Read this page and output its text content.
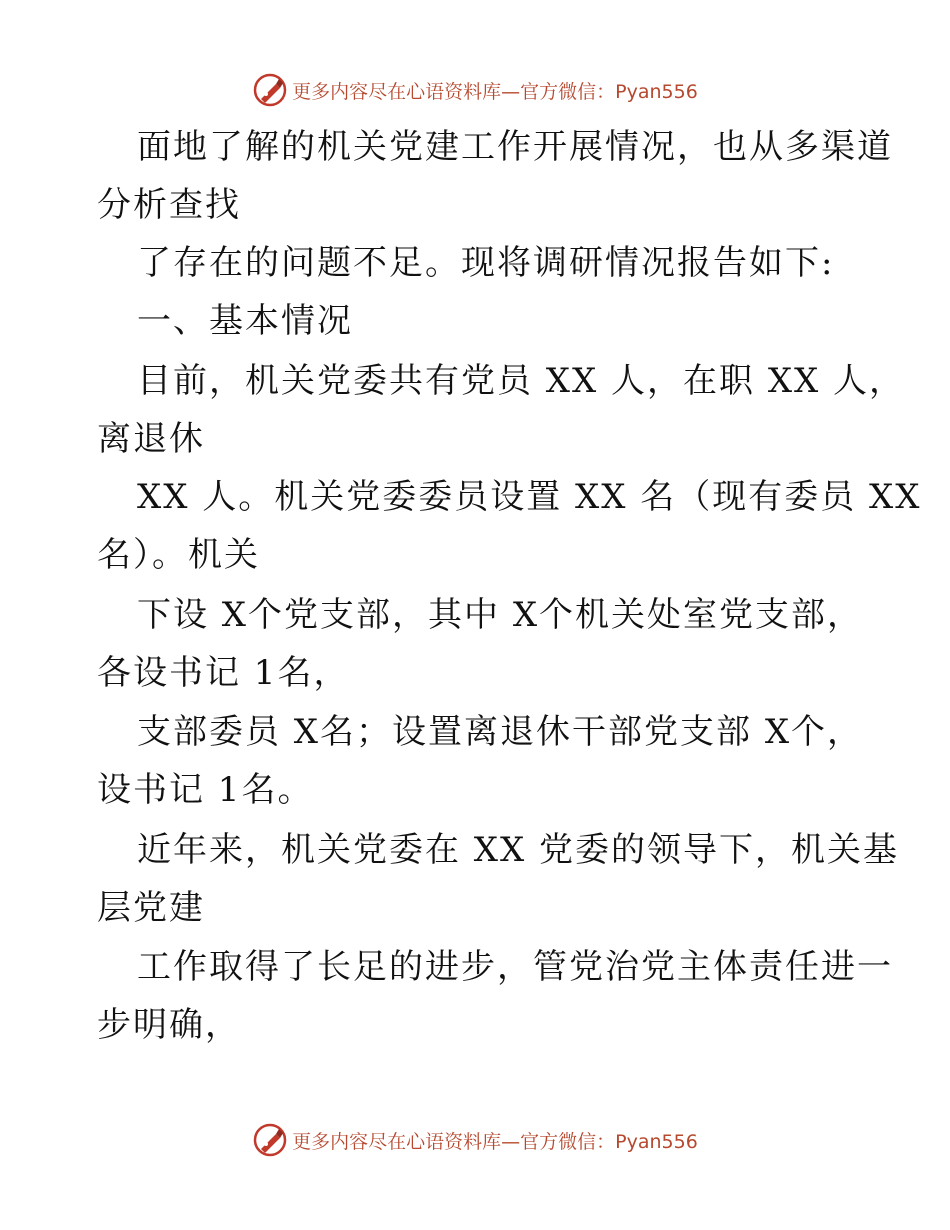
更多内容尽在心语资料库— 官方微信：Pyan556
面地了解的机关党建工作开展情况，也从多渠道
分析查找
了存在的问题不足。现将调研情况报告如下:
一、基本情况
目前，机关党委共有党员 XX 人，在职 XX 人，
离退休
XX 人。机关党委委员设置 XX 名（现有委员 XX
名）。机关
下设 X个党支部，其中 X个机关处室党支部，
各设书记 1名，
支部委员 X名；设置离退休干部党支部 X个，
设书记 1名。
近年来，机关党委在 XX 党委的领导下，机关基
层党建
工作取得了长足的进步，管党治党主体责任进一
步明确，
更多内容尽在心语资料库— 官方微信：Pyan556
